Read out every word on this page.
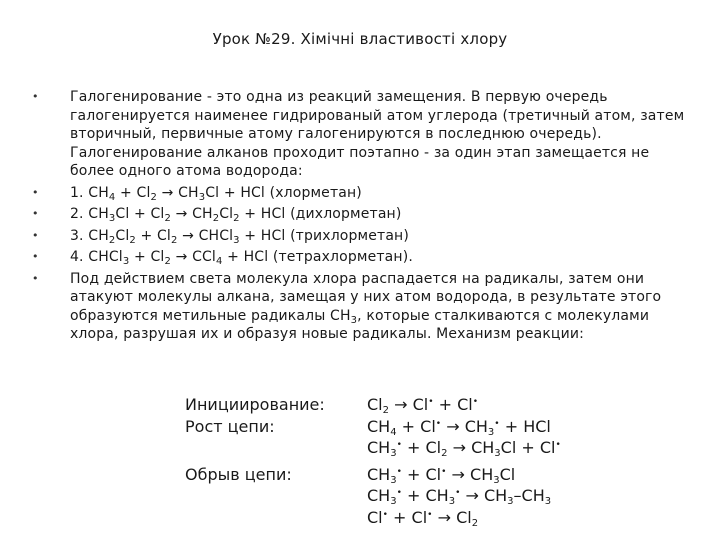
Урок №29. Хімічні властивості хлору
• Галогенирование - это одна из реакций замещения. В первую очередь галогенируется наименее гидрированый атом углерода (третичный атом, затем вторичный, первичные атому галогенируются в последнюю очередь). Галогенирование алканов проходит поэтапно - за один этап замещается не более одного атома водорода:
• 1. $CH_4 + Cl_2 \to CH_3Cl$ + HCl (хлорметан)
• 2. $CH_3Cl + Cl_2 \to CH_2Cl_2$ + HCl (дихлорметан)
• 3. $CH_2Cl_2 + Cl_2$ → CHCl$_3$ + HCl (трихлорметан)
• 4. CHCl$_3$ + $Cl_2 \to CCl_4$ + HCl (тетрахлорметан).
• Под действием света молекула хлора распадается на радикалы, затем они атакуют молекулы алкана, замещая у них атом водорода, в результате этого образуются метильные радикалы $CH_3$, которые сталкиваются с молекулами хлора, разрушая их и образуя новые радикалы. Механизм реакции:
Инициирование:	$Cl_2 \to Cl^• + Cl^•$
Рост цепи:	$CH_4 + Cl^• \to CH_3^•$ + HCl
$CH_3^• + Cl_2 \to CH_3Cl + Cl^•$
Обрыв цепи:	$CH_3^• + Cl^• \to CH_3Cl$
$CH_3^• + CH_3^• \to CH_3-CH_3$
$Cl^• + Cl^• \to Cl_2$
